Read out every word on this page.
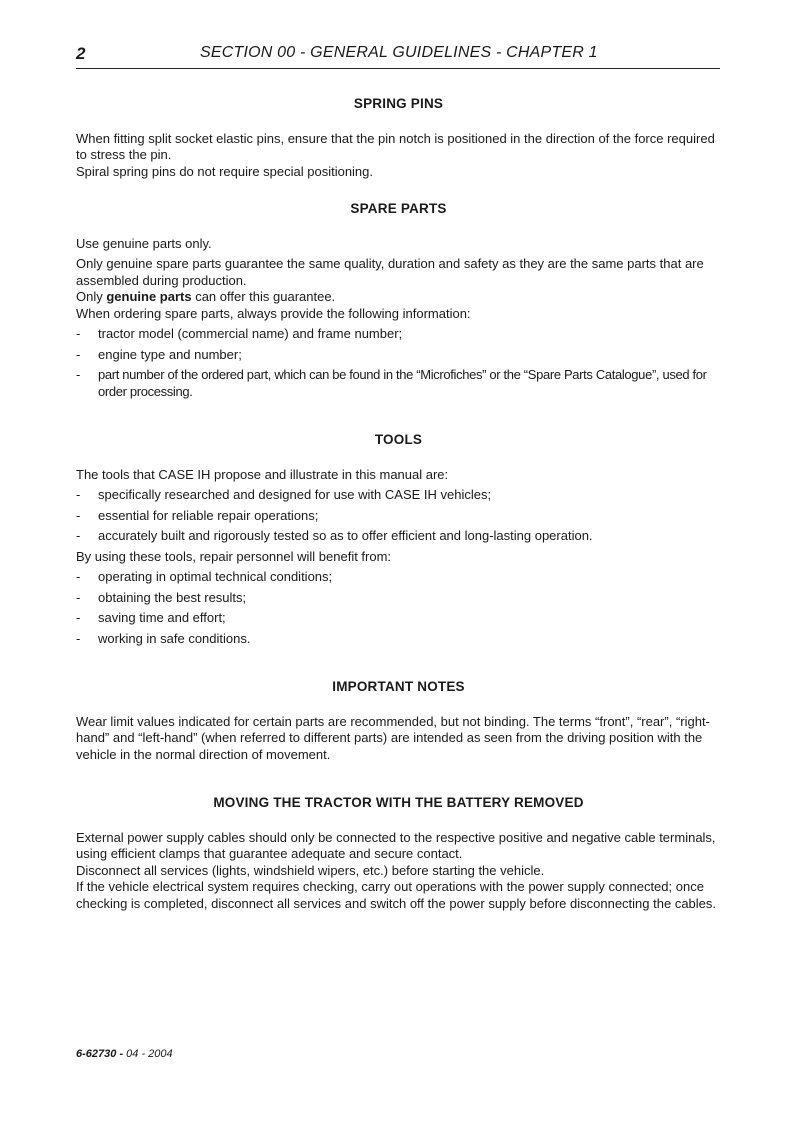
2	SECTION 00 - GENERAL GUIDELINES - CHAPTER 1
SPRING PINS

When fitting split socket elastic pins, ensure that the pin notch is positioned in the direction of the force required to stress the pin.

Spiral spring pins do not require special positioning.

SPARE PARTS

Use genuine parts only.

Only genuine spare parts guarantee the same quality, duration and safety as they are the same parts that are assembled during production.

Only genuine parts can offer this guarantee.

When ordering spare parts, always provide the following information:

- tractor model (commercial name) and frame number;
- engine type and number;
- part number of the ordered part, which can be found in the “Microfiches” or the “Spare Parts Catalogue”, used for order processing.
TOOLS

The tools that CASE IH propose and illustrate in this manual are:

- specifically researched and designed for use with CASE IH vehicles;
- essential for reliable repair operations;
- accurately built and rigorously tested so as to offer efficient and long-lasting operation.

By using these tools, repair personnel will benefit from:

- operating in optimal technical conditions;
- obtaining the best results;
- saving time and effort;
- working in safe conditions.
IMPORTANT NOTES

Wear limit values indicated for certain parts are recommended, but not binding. The terms “front”, “rear”, “right-hand” and “left-hand” (when referred to different parts) are intended as seen from the driving position with the vehicle in the normal direction of movement.

MOVING THE TRACTOR WITH THE BATTERY REMOVED

External power supply cables should only be connected to the respective positive and negative cable terminals, using efficient clamps that guarantee adequate and secure contact.

Disconnect all services (lights, windshield wipers, etc.) before starting the vehicle.

If the vehicle electrical system requires checking, carry out operations with the power supply connected; once checking is completed, disconnect all services and switch off the power supply before disconnecting the cables.

6-62730 - 04 - 2004
